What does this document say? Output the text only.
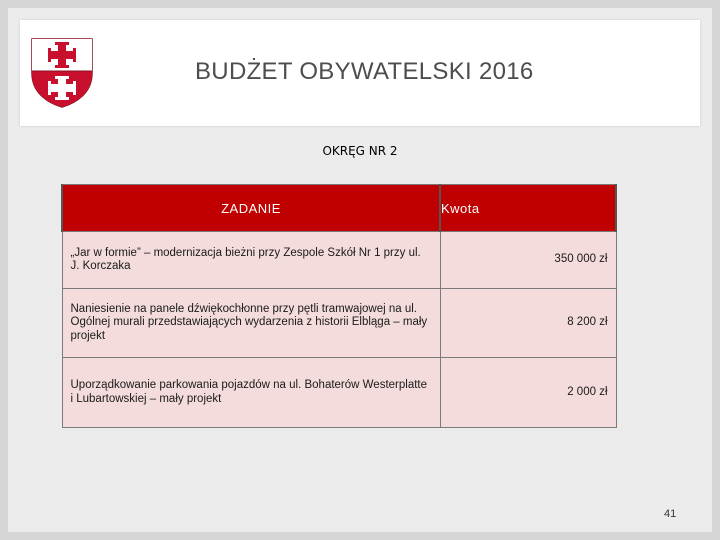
BUDŻET OBYWATELSKI 2016
OKRĘG NR 2
ZADANIE	Kwota
„Jar w formie” – modernizacja bieżni przy Zespole Szkół Nr 1 przy ul. J. Korczaka	350 000 zł
Naniesienie na panele dźwiękochłonne przy pętli tramwajowej na ul. Ogólnej murali przedstawiających wydarzenia z historii Elbląga – mały projekt	8 200 zł
Uporządkowanie parkowania pojazdów na ul. Bohaterów Westerplatte i Lubartowskiej – mały projekt	2 000 zł
41
